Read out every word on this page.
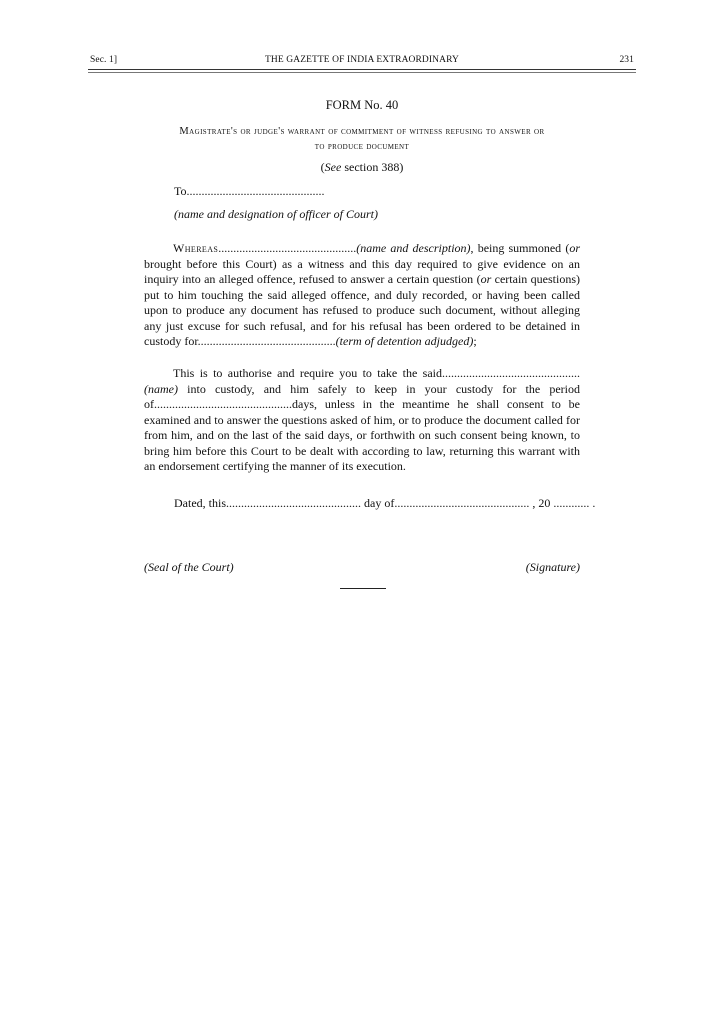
Sec. 1]	THE GAZETTE OF INDIA EXTRAORDINARY	231
FORM No. 40
Magistrate's or judge's warrant of commitment of witness refusing to answer or
to produce document
(See section 388)
To..............................................
(name and designation of officer of Court)
Whereas..............................................(name and description), being summoned (or brought before this Court) as a witness and this day required to give evidence on an inquiry into an alleged offence, refused to answer a certain question (or certain questions) put to him touching the said alleged offence, and duly recorded, or having been called upon to produce any document has refused to produce such document, without alleging any just excuse for such refusal, and for his refusal has been ordered to be detained in custody for..............................................(term of detention adjudged);
This is to authorise and require you to take the said..............................................(name) into custody, and him safely to keep in your custody for the period of..............................................days, unless in the meantime he shall consent to be examined and to answer the questions asked of him, or to produce the document called for from him, and on the last of the said days, or forthwith on such consent being known, to bring him before this Court to be dealt with according to law, returning this warrant with an endorsement certifying the manner of its execution.
Dated, this............................................. day of............................................. , 20 ............ .
(Seal of the Court)	(Signature)
